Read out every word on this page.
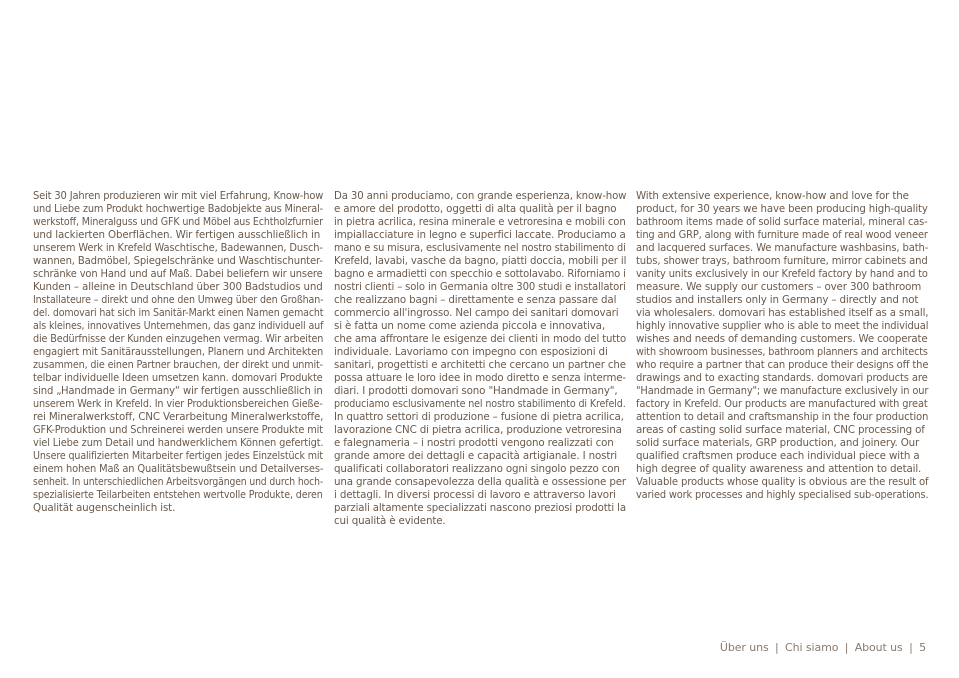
Seit 30 Jahren produzieren wir mit viel Erfahrung, Know-how
und Liebe zum Produkt hochwertige Badobjekte aus Mineral-
werkstoff, Mineralguss und GFK und Möbel aus Echtholzfurnier
und lackierten Oberflächen. Wir fertigen ausschließlich in
unserem Werk in Krefeld Waschtische, Badewannen, Dusch-
wannen, Badmöbel, Spiegelschränke und Waschtischunter-
schränke von Hand und auf Maß. Dabei beliefern wir unsere
Kunden – alleine in Deutschland über 300 Badstudios und
Installateure – direkt und ohne den Umweg über den Großhan-
del. domovari hat sich im Sanitär-Markt einen Namen gemacht
als kleines, innovatives Unternehmen, das ganz individuell auf
die Bedürfnisse der Kunden einzugehen vermag. Wir arbeiten
engagiert mit Sanitärausstellungen, Planern und Architekten
zusammen, die einen Partner brauchen, der direkt und unmit-
telbar individuelle Ideen umsetzen kann. domovari Produkte
sind „Handmade in Germany“ wir fertigen ausschließlich in
unserem Werk in Krefeld. In vier Produktionsbereichen Gieße-
rei Mineralwerkstoff, CNC Verarbeitung Mineralwerkstoffe,
GFK-Produktion und Schreinerei werden unsere Produkte mit
viel Liebe zum Detail und handwerklichem Können gefertigt.
Unsere qualifizierten Mitarbeiter fertigen jedes Einzelstück mit
einem hohen Maß an Qualitätsbewußtsein und Detailverses-
senheit. In unterschiedlichen Arbeitsvorgängen und durch hoch-
spezialisierte Teilarbeiten entstehen wertvolle Produkte, deren
Qualität augenscheinlich ist.
Da 30 anni produciamo, con grande esperienza, know-how
e amore del prodotto, oggetti di alta qualità per il bagno
in pietra acrilica, resina minerale e vetroresina e mobili con
impiallacciature in legno e superfici laccate. Produciamo a
mano e su misura, esclusivamente nel nostro stabilimento di
Krefeld, lavabi, vasche da bagno, piatti doccia, mobili per il
bagno e armadietti con specchio e sottolavabo. Riforniamo i
nostri clienti – solo in Germania oltre 300 studi e installatori
che realizzano bagni – direttamente e senza passare dal
commercio all'ingrosso. Nel campo dei sanitari domovari
si è fatta un nome come azienda piccola e innovativa,
che ama affrontare le esigenze dei clienti in modo del tutto
individuale. Lavoriamo con impegno con esposizioni di
sanitari, progettisti e architetti che cercano un partner che
possa attuare le loro idee in modo diretto e senza interme-
diari. I prodotti domovari sono "Handmade in Germany",
produciamo esclusivamente nel nostro stabilimento di Krefeld.
In quattro settori di produzione – fusione di pietra acrilica,
lavorazione CNC di pietra acrilica, produzione vetroresina
e falegnameria – i nostri prodotti vengono realizzati con
grande amore dei dettagli e capacità artigianale. I nostri
qualificati collaboratori realizzano ogni singolo pezzo con
una grande consapevolezza della qualità e ossessione per
i dettagli. In diversi processi di lavoro e attraverso lavori
parziali altamente specializzati nascono preziosi prodotti la
cui qualità è evidente.
With extensive experience, know-how and love for the
product, for 30 years we have been producing high-quality
bathroom items made of solid surface material, mineral cas-
ting and GRP, along with furniture made of real wood veneer
and lacquered surfaces. We manufacture washbasins, bath-
tubs, shower trays, bathroom furniture, mirror cabinets and
vanity units exclusively in our Krefeld factory by hand and to
measure. We supply our customers – over 300 bathroom
studios and installers only in Germany – directly and not
via wholesalers. domovari has established itself as a small,
highly innovative supplier who is able to meet the individual
wishes and needs of demanding customers. We cooperate
with showroom businesses, bathroom planners and architects
who require a partner that can produce their designs off the
drawings and to exacting standards. domovari products are
"Handmade in Germany"; we manufacture exclusively in our
factory in Krefeld. Our products are manufactured with great
attention to detail and craftsmanship in the four production
areas of casting solid surface material, CNC processing of
solid surface materials, GRP production, and joinery. Our
qualified craftsmen produce each individual piece with a
high degree of quality awareness and attention to detail.
Valuable products whose quality is obvious are the result of
varied work processes and highly specialised sub-operations.
Über uns | Chi siamo | About us | 5
